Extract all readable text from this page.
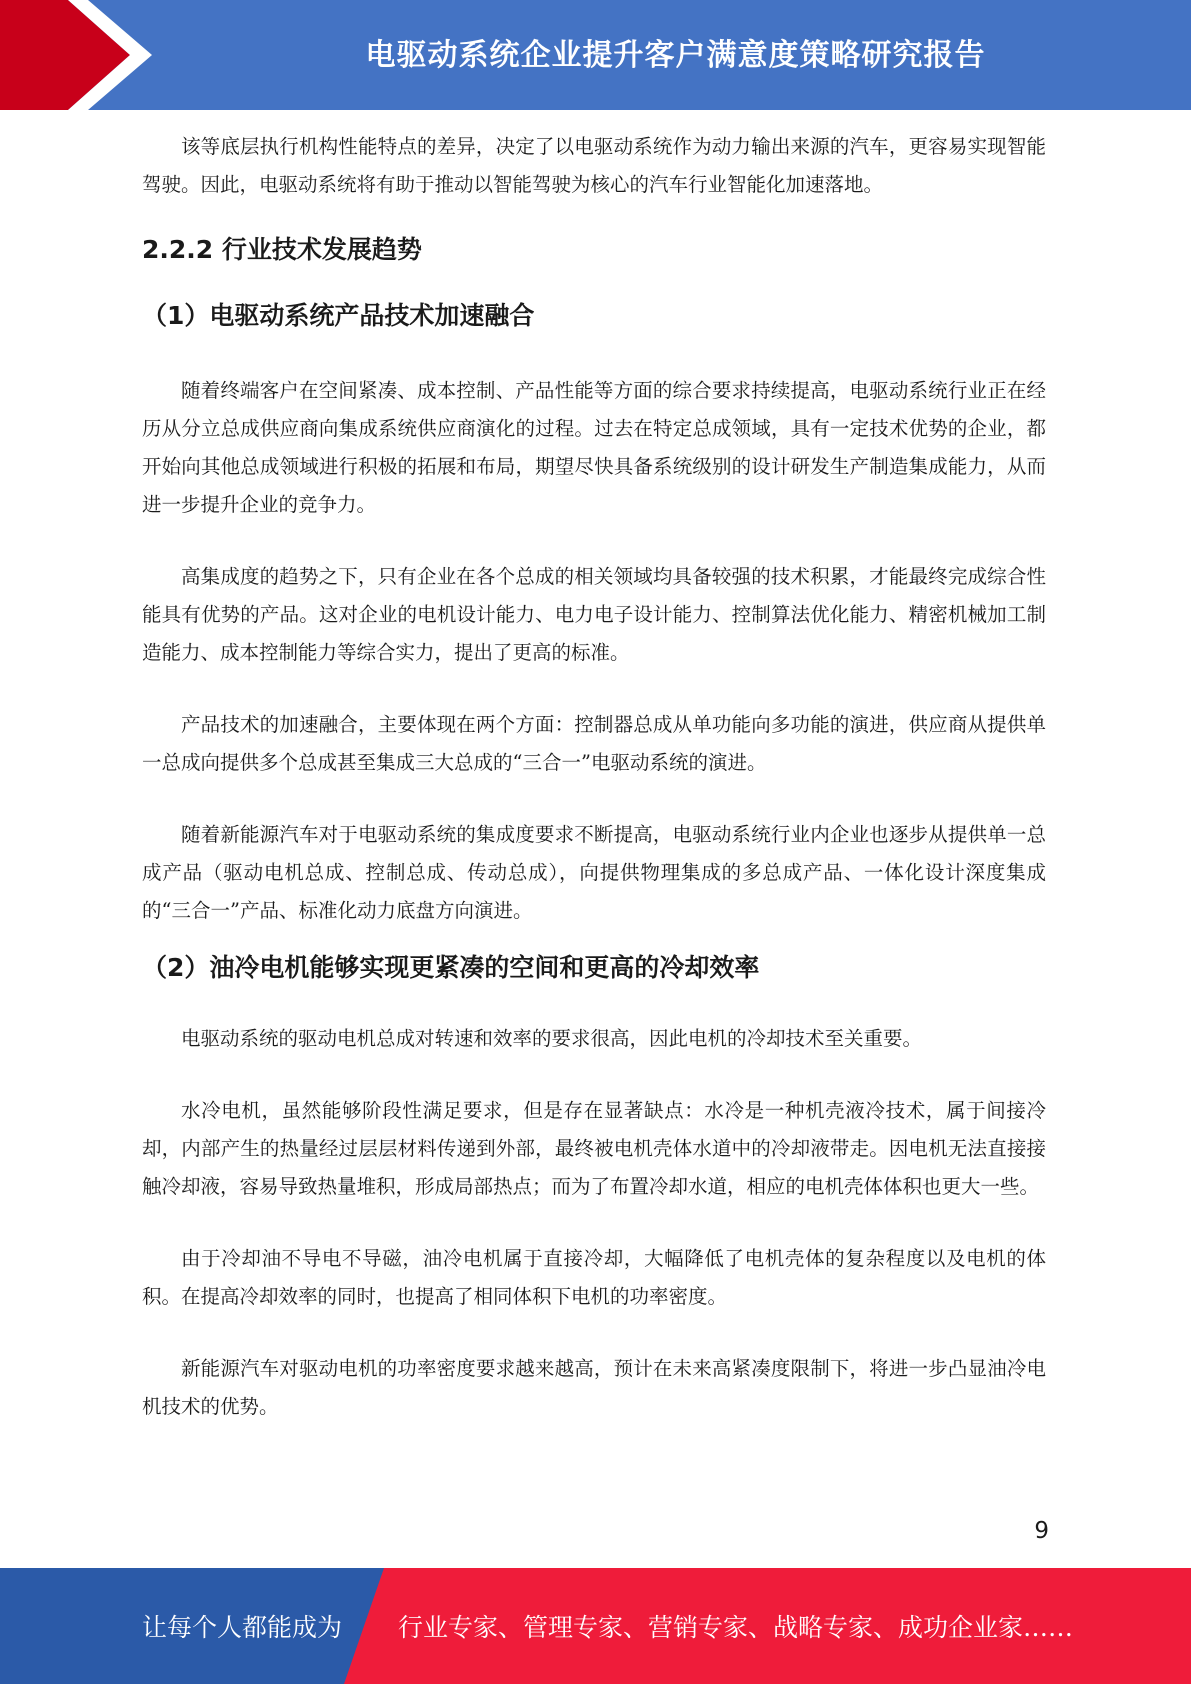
电驱动系统企业提升客户满意度策略研究报告

该等底层执行机构性能特点的差异，决定了以电驱动系统作为动力输出来源的汽车，更容易实现智能驾驶。因此，电驱动系统将有助于推动以智能驾驶为核心的汽车行业智能化加速落地。

2.2.2 行业技术发展趋势
（1）电驱动系统产品技术加速融合

随着终端客户在空间紧凑、成本控制、产品性能等方面的综合要求持续提高，电驱动系统行业正在经历从分立总成供应商向集成系统供应商演化的过程。过去在特定总成领域，具有一定技术优势的企业，都开始向其他总成领域进行积极的拓展和布局，期望尽快具备系统级别的设计研发生产制造集成能力，从而进一步提升企业的竞争力。

高集成度的趋势之下，只有企业在各个总成的相关领域均具备较强的技术积累，才能最终完成综合性能具有优势的产品。这对企业的电机设计能力、电力电子设计能力、控制算法优化能力、精密机械加工制造能力、成本控制能力等综合实力，提出了更高的标准。

产品技术的加速融合，主要体现在两个方面：控制器总成从单功能向多功能的演进，供应商从提供单一总成向提供多个总成甚至集成三大总成的“三合一”电驱动系统的演进。

随着新能源汽车对于电驱动系统的集成度要求不断提高，电驱动系统行业内企业也逐步从提供单一总成产品（驱动电机总成、控制总成、传动总成），向提供物理集成的多总成产品、一体化设计深度集成的“三合一”产品、标准化动力底盘方向演进。

（2）油冷电机能够实现更紧凑的空间和更高的冷却效率

电驱动系统的驱动电机总成对转速和效率的要求很高，因此电机的冷却技术至关重要。

水冷电机，虽然能够阶段性满足要求，但是存在显著缺点：水冷是一种机壳液冷技术，属于间接冷却，内部产生的热量经过层层材料传递到外部，最终被电机壳体水道中的冷却液带走。因电机无法直接接触冷却液，容易导致热量堆积，形成局部热点；而为了布置冷却水道，相应的电机壳体体积也更大一些。

由于冷却油不导电不导磁，油冷电机属于直接冷却，大幅降低了电机壳体的复杂程度以及电机的体积。在提高冷却效率的同时，也提高了相同体积下电机的功率密度。

新能源汽车对驱动电机的功率密度要求越来越高，预计在未来高紧凑度限制下，将进一步凸显油冷电机技术的优势。

9
让每个人都能成为 行业专家、管理专家、营销专家、战略专家、成功企业家……
